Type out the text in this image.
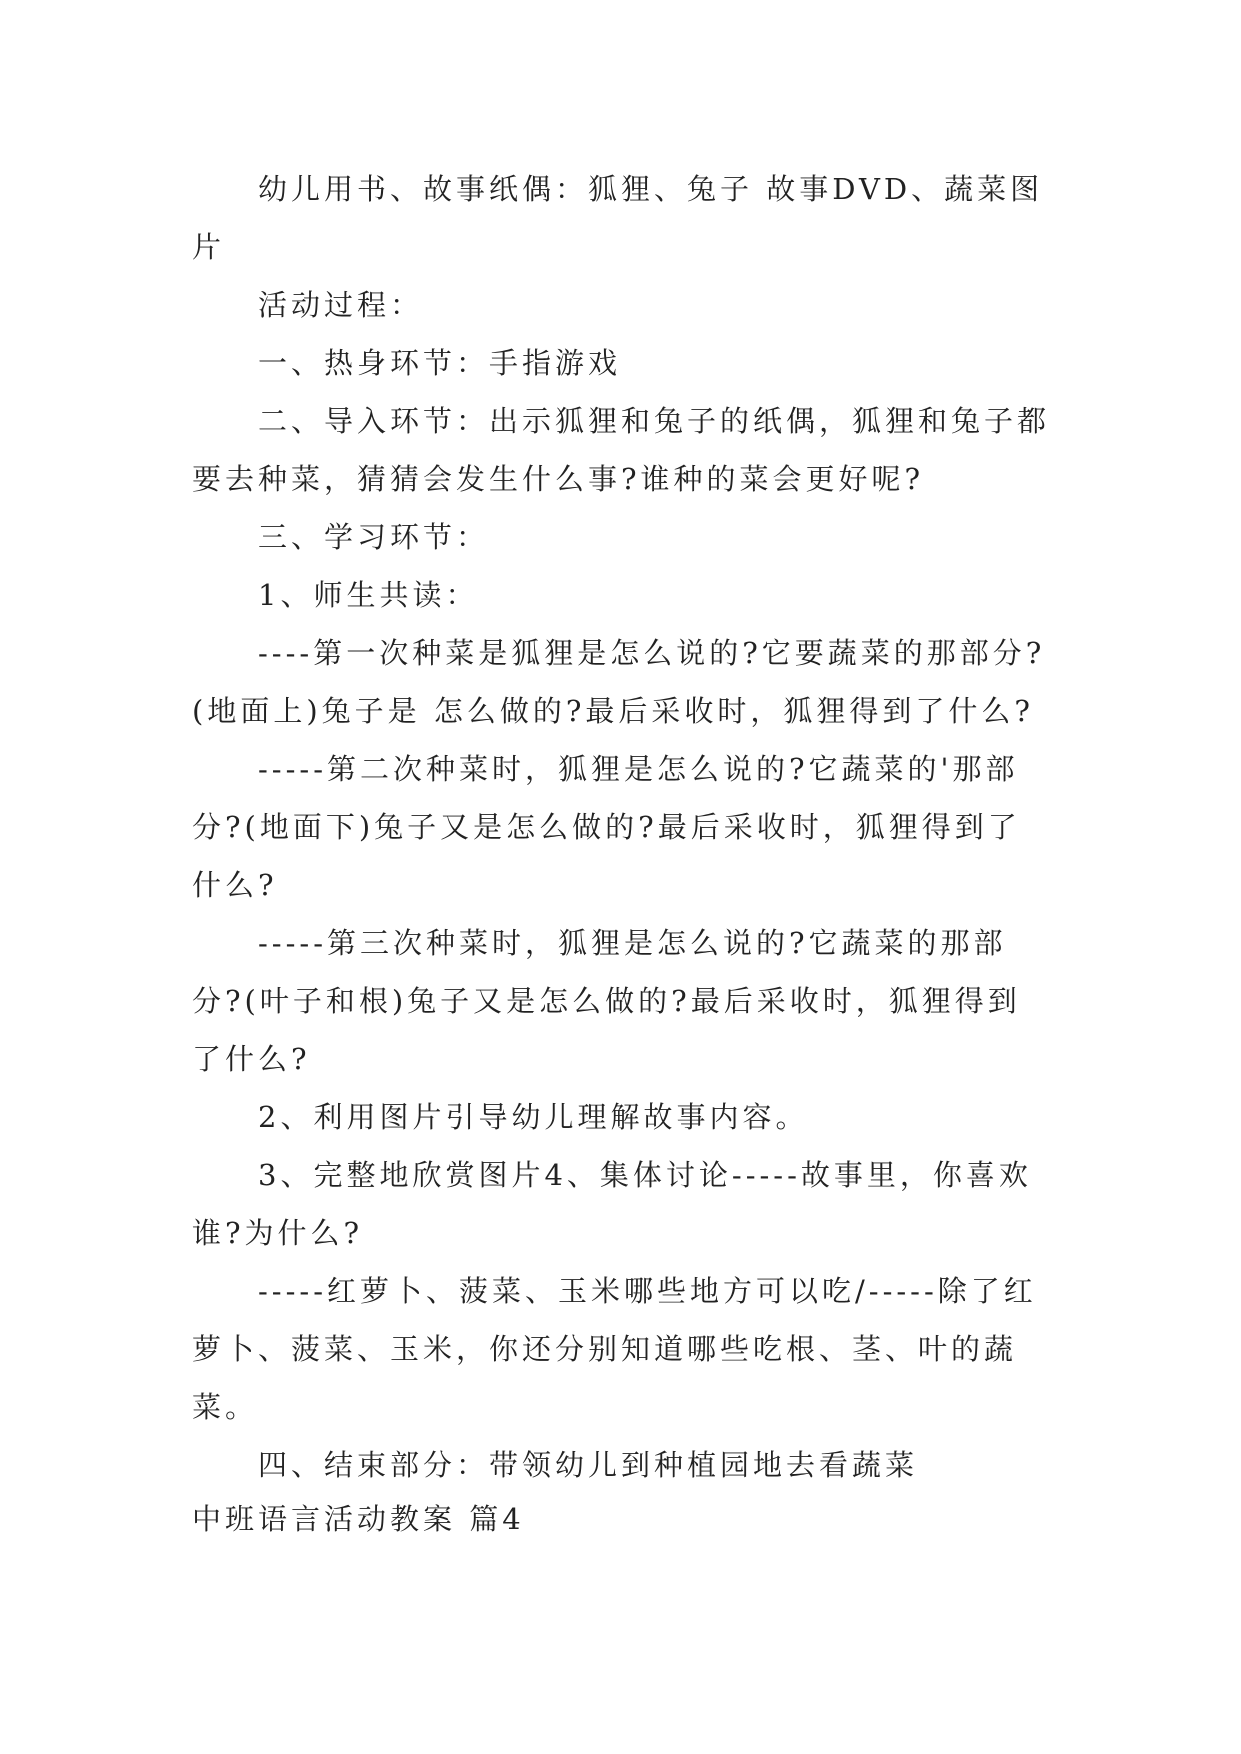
幼儿用书、故事纸偶：狐狸、兔子 故事DVD、蔬菜图片

活动过程：

一、热身环节：手指游戏

二、导入环节：出示狐狸和兔子的纸偶，狐狸和兔子都要去种菜，猜猜会发生什么事?谁种的菜会更好呢?

三、学习环节：

1、师生共读：

----第一次种菜是狐狸是怎么说的?它要蔬菜的那部分?(地面上)兔子是 怎么做的?最后采收时，狐狸得到了什么?

-----第二次种菜时，狐狸是怎么说的?它蔬菜的'那部分?(地面下)兔子又是怎么做的?最后采收时，狐狸得到了什么?

-----第三次种菜时，狐狸是怎么说的?它蔬菜的那部分?(叶子和根)兔子又是怎么做的?最后采收时，狐狸得到了什么?

2、利用图片引导幼儿理解故事内容。

3、完整地欣赏图片4、集体讨论-----故事里，你喜欢谁?为什么?

-----红萝卜、菠菜、玉米哪些地方可以吃/-----除了红萝卜、菠菜、玉米，你还分别知道哪些吃根、茎、叶的蔬菜。

四、结束部分：带领幼儿到种植园地去看蔬菜

中班语言活动教案 篇4
